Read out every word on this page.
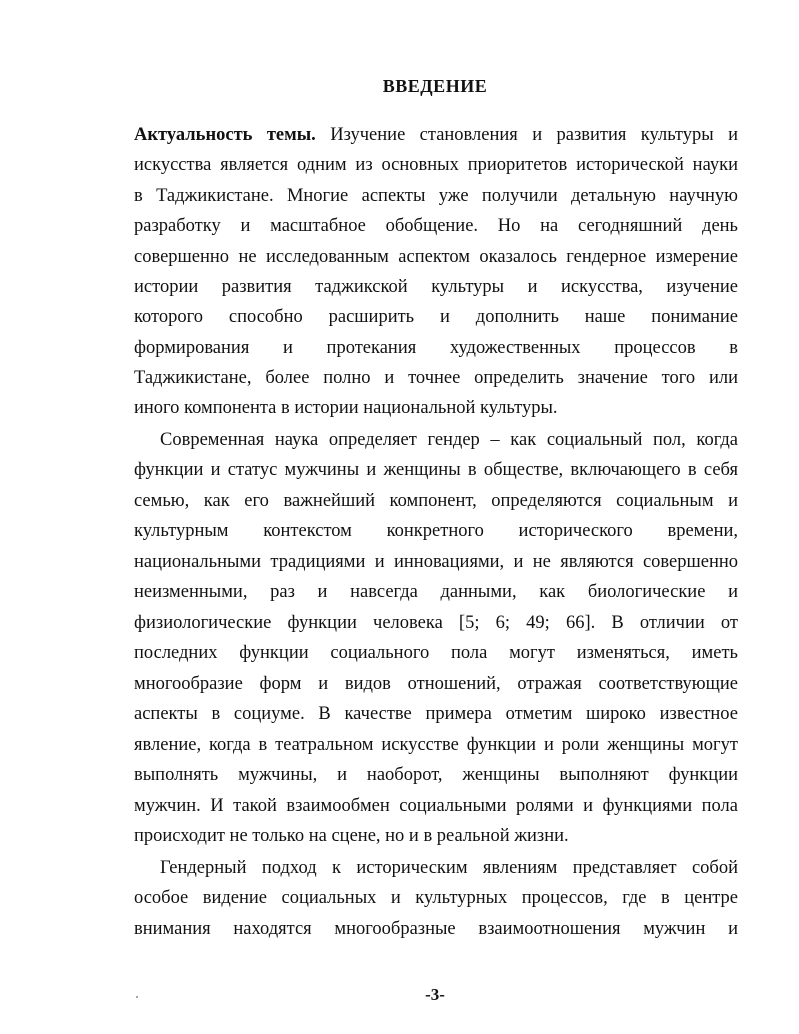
ВВЕДЕНИЕ
Актуальность темы. Изучение становления и развития культуры и
искусства является одним из основных приоритетов исторической науки
в Таджикистане. Многие аспекты уже получили детальную научную
разработку и масштабное обобщение. Но на сегодняшний день
совершенно не исследованным аспектом оказалось гендерное измерение
истории развития таджикской культуры и искусства, изучение
которого способно расширить и дополнить наше понимание
формирования и протекания художественных процессов в
Таджикистане, более полно и точнее определить значение того или
иного компонента в истории национальной культуры.
Современная наука определяет гендер – как социальный пол, когда
функции и статус мужчины и женщины в обществе, включающего в себя
семью, как его важнейший компонент, определяются социальным и
культурным контекстом конкретного исторического времени,
национальными традициями и инновациями, и не являются совершенно
неизменными, раз и навсегда данными, как биологические и
физиологические функции человека [5; 6; 49; 66]. В отличии от
последних функции социального пола могут изменяться, иметь
многообразие форм и видов отношений, отражая соответствующие
аспекты в социуме. В качестве примера отметим широко известное
явление, когда в театральном искусстве функции и роли женщины могут
выполнять мужчины, и наоборот, женщины выполняют функции
мужчин. И такой взаимообмен социальными ролями и функциями пола
происходит не только на сцене, но и в реальной жизни.
Гендерный подход к историческим явлениям представляет собой
особое видение социальных и культурных процессов, где в центре
внимания находятся многообразные взаимоотношения мужчин и
-3-
